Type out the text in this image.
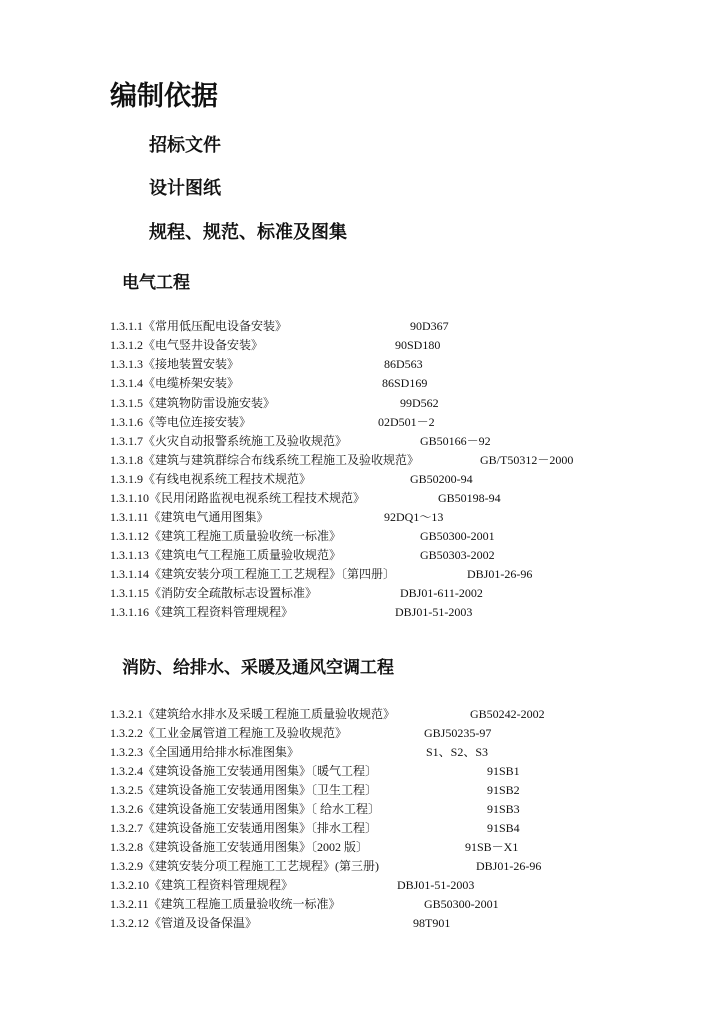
编制依据
招标文件
设计图纸
规程、规范、标准及图集
电气工程
1.3.1.1《常用低压配电设备安装》	90D367
1.3.1.2《电气竖井设备安装》	90SD180
1.3.1.3《接地装置安装》	86D563
1.3.1.4《电缆桥架安装》	86SD169
1.3.1.5《建筑物防雷设施安装》	99D562
1.3.1.6《等电位连接安装》	02D501－2
1.3.1.7《火灾自动报警系统施工及验收规范》	GB50166－92
1.3.1.8《建筑与建筑群综合布线系统工程施工及验收规范》	GB/T50312－2000
1.3.1.9《有线电视系统工程技术规范》	GB50200-94
1.3.1.10《民用闭路监视电视系统工程技术规范》	GB50198-94
1.3.1.11《建筑电气通用图集》	92DQ1～13
1.3.1.12《建筑工程施工质量验收统一标准》	GB50300-2001
1.3.1.13《建筑电气工程施工质量验收规范》	GB50303-2002
1.3.1.14《建筑安装分项工程施工工艺规程》〔第四册〕	DBJ01-26-96
1.3.1.15《消防安全疏散标志设置标准》	DBJ01-611-2002
1.3.1.16《建筑工程资料管理规程》	DBJ01-51-2003
消防、给排水、采暖及通风空调工程
1.3.2.1《建筑给水排水及采暖工程施工质量验收规范》	GB50242-2002
1.3.2.2《工业金属管道工程施工及验收规范》	GBJ50235-97
1.3.2.3《全国通用给排水标准图集》	S1、S2、S3
1.3.2.4《建筑设备施工安装通用图集》〔暖气工程〕	91SB1
1.3.2.5《建筑设备施工安装通用图集》〔卫生工程〕	91SB2
1.3.2.6《建筑设备施工安装通用图集》〔 给水工程〕	91SB3
1.3.2.7《建筑设备施工安装通用图集》〔排水工程〕	91SB4
1.3.2.8《建筑设备施工安装通用图集》〔2002 版〕	91SB－X1
1.3.2.9《建筑安装分项工程施工工艺规程》(第三册)	DBJ01-26-96
1.3.2.10《建筑工程资料管理规程》	DBJ01-51-2003
1.3.2.11《建筑工程施工质量验收统一标准》	GB50300-2001
1.3.2.12《管道及设备保温》	98T901
